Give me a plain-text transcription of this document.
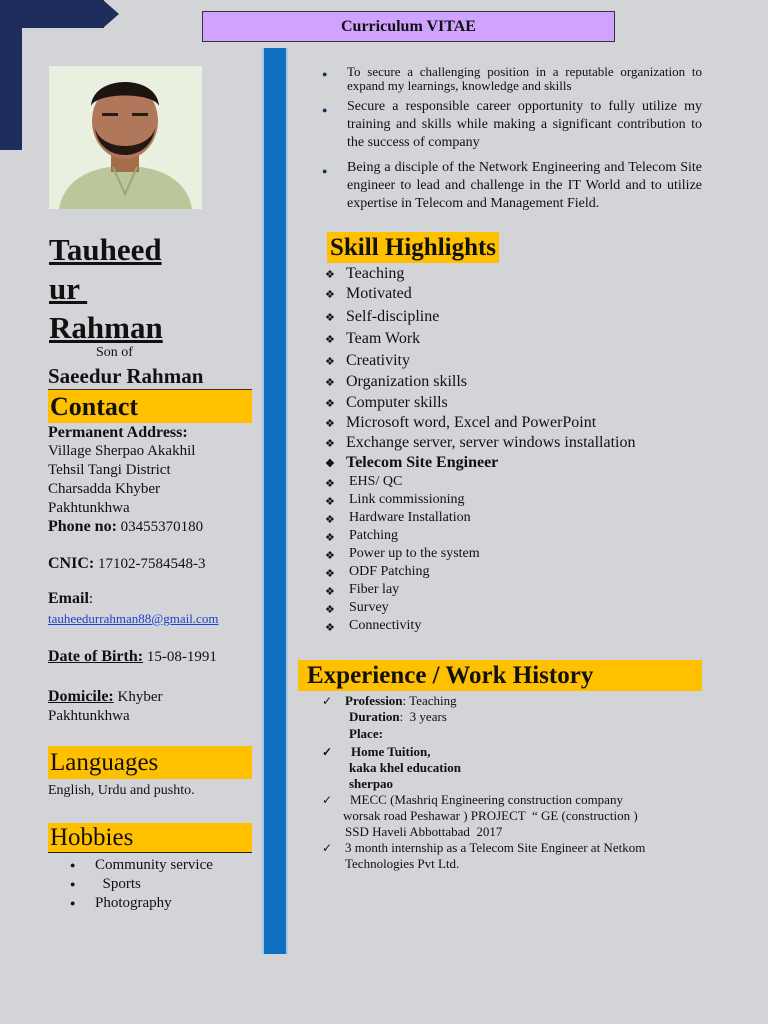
Curriculum VITAE
Tauheed
ur
Rahman
Son of
Saeedur Rahman
Contact
Permanent Address:
Village Sherpao Akakhil
Tehsil Tangi District
Charsadda Khyber
Pakhtunkhwa
Phone no: 03455370180
CNIC: 17102-7584548-3
Email:
tauheedurrahman88@gmail.com
Date of Birth: 15-08-1991
Domicile: Khyber
Pakhtunkhwa
Languages
English, Urdu and pushto.
Hobbies
● Community service
●   Sports
● Photography
● To secure a challenging position in a reputable organization to expand my learnings, knowledge and skills
● Secure a responsible career opportunity to fully utilize my training and skills while making a significant contribution to the success of company
● Being a disciple of the Network Engineering and Telecom Site engineer to lead and challenge in the IT World and to utilize expertise in Telecom and Management Field.
Skill Highlights
❖ Teaching
❖ Motivated
❖ Self-discipline
❖ Team Work
❖ Creativity
❖ Organization skills
❖ Computer skills
❖ Microsoft word, Excel and PowerPoint
❖ Exchange server, server windows installation
❖ Telecom Site Engineer
❖ EHS/ QC
❖ Link commissioning
❖ Hardware Installation
❖ Patching
❖ Power up to the system
❖ ODF Patching
❖ Fiber lay
❖ Survey
❖ Connectivity
Experience / Work History
✓ Profession: Teaching
Duration:  3 years
Place:
✓ Home Tuition,
kaka khel education
sherpao
✓ MECC (Mashriq Engineering construction company
worsak road Peshawar ) PROJECT  “ GE (construction )
SSD Haveli Abbottabad  2017
✓ 3 month internship as a Telecom Site Engineer at Netkom
Technologies Pvt Ltd.
